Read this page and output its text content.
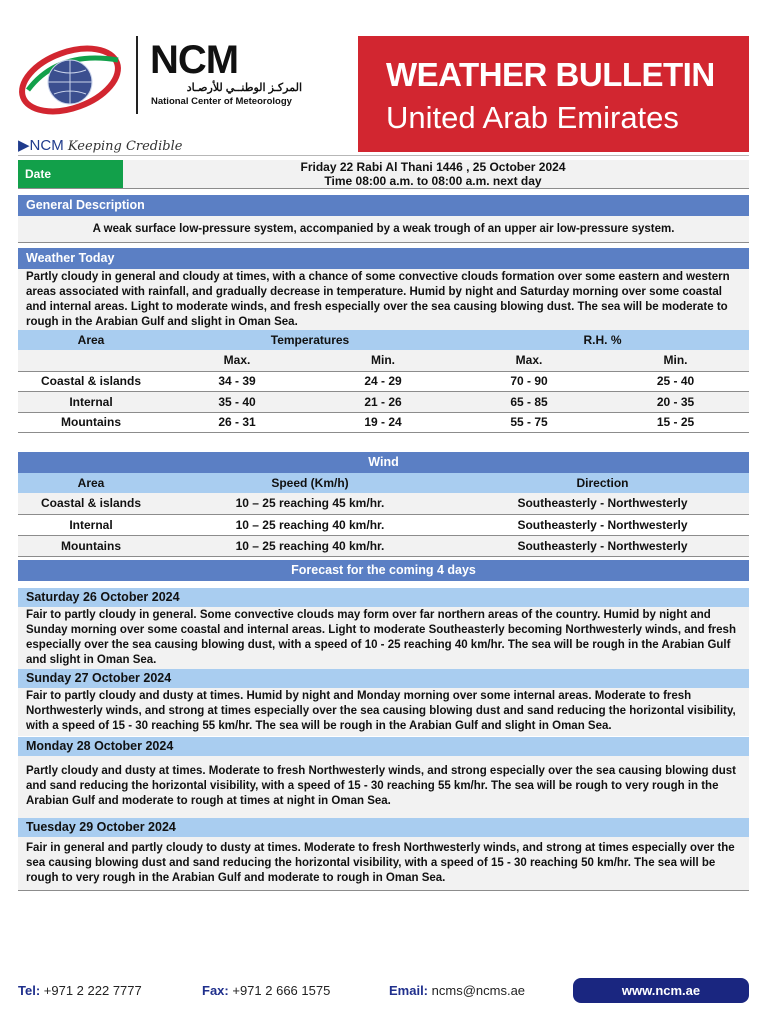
NCM
المركـز الوطنــي للأرصـاد
National Center of Meteorology
WEATHER BULLETIN
United Arab Emirates
▶NCM Keeping Credible
Date	Friday 22 Rabi Al Thani 1446 , 25 October 2024
Time 08:00 a.m. to 08:00 a.m. next day
General Description
A weak surface low-pressure system, accompanied by a weak trough of an upper air low-pressure system.
Weather Today
Partly cloudy in general and cloudy at times, with a chance of some convective clouds formation over some eastern and western areas associated with rainfall, and gradually decrease in temperature. Humid by night and Saturday morning over some coastal and internal areas. Light to moderate winds, and fresh especially over the sea causing blowing dust. The sea will be moderate to rough in the Arabian Gulf and slight in Oman Sea.
Area	Temperatures		R.H. %	
	Max.	Min.	Max.	Min.
Coastal & islands	34 - 39	24 - 29	70 - 90	25 - 40
Internal	35 - 40	21 - 26	65 - 85	20 - 35
Mountains	26 - 31	19 - 24	55 - 75	15 - 25
Wind
Area	Speed (Km/h)	Direction
Coastal & islands	10 – 25 reaching 45 km/hr.	Southeasterly - Northwesterly
Internal	10 – 25 reaching 40 km/hr.	Southeasterly - Northwesterly
Mountains	10 – 25 reaching 40 km/hr.	Southeasterly - Northwesterly
Forecast for the coming 4 days
Saturday 26 October 2024
Fair to partly cloudy in general. Some convective clouds may form over far northern areas of the country. Humid by night and Sunday morning over some coastal and internal areas. Light to moderate Southeasterly becoming Northwesterly winds, and fresh especially over the sea causing blowing dust, with a speed of 10 - 25 reaching 40 km/hr. The sea will be rough in the Arabian Gulf and slight in Oman Sea.
Sunday 27 October 2024
Fair to partly cloudy and dusty at times. Humid by night and Monday morning over some internal areas. Moderate to fresh Northwesterly winds, and strong at times especially over the sea causing blowing dust and sand reducing the horizontal visibility, with a speed of 15 - 30 reaching 55 km/hr. The sea will be rough in the Arabian Gulf and slight in Oman Sea.
Monday 28 October 2024
Partly cloudy and dusty at times. Moderate to fresh Northwesterly winds, and strong especially over the sea causing blowing dust and sand reducing the horizontal visibility, with a speed of 15 - 30 reaching 55 km/hr. The sea will be rough to very rough in the Arabian Gulf and moderate to rough at times at night in Oman Sea.
Tuesday 29 October 2024
Fair in general and partly cloudy to dusty at times. Moderate to fresh Northwesterly winds, and strong at times especially over the sea causing blowing dust and sand reducing the horizontal visibility, with a speed of 15 - 30 reaching 50 km/hr. The sea will be rough to very rough in the Arabian Gulf and moderate to rough in Oman Sea.
Tel: +971 2 222 7777	Fax: +971 2 666 1575	Email: ncms@ncms.ae	www.ncm.ae
